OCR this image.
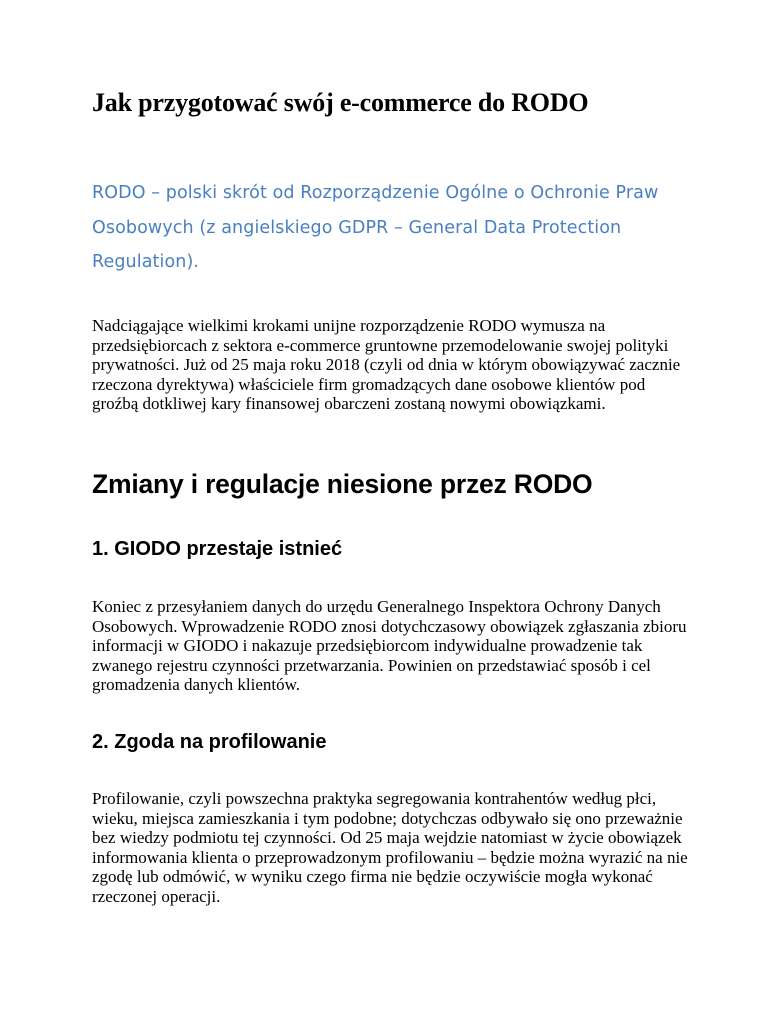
Jak przygotować swój e-commerce do RODO

RODO – polski skrót od Rozporządzenie Ogólne o Ochronie Praw Osobowych (z angielskiego GDPR – General Data Protection Regulation).

Nadciągające wielkimi krokami unijne rozporządzenie RODO wymusza na przedsiębiorcach z sektora e-commerce gruntowne przemodelowanie swojej polityki prywatności. Już od 25 maja roku 2018 (czyli od dnia w którym obowiązywać zacznie rzeczona dyrektywa) właściciele firm gromadzących dane osobowe klientów pod groźbą dotkliwej kary finansowej obarczeni zostaną nowymi obowiązkami.

Zmiany i regulacje niesione przez RODO
1. GIODO przestaje istnieć

Koniec z przesyłaniem danych do urzędu Generalnego Inspektora Ochrony Danych Osobowych. Wprowadzenie RODO znosi dotychczasowy obowiązek zgłaszania zbioru informacji w GIODO i nakazuje przedsiębiorcom indywidualne prowadzenie tak zwanego rejestru czynności przetwarzania. Powinien on przedstawiać sposób i cel gromadzenia danych klientów.

2. Zgoda na profilowanie

Profilowanie, czyli powszechna praktyka segregowania kontrahentów według płci, wieku, miejsca zamieszkania i tym podobne; dotychczas odbywało się ono przeważnie bez wiedzy podmiotu tej czynności. Od 25 maja wejdzie natomiast w życie obowiązek informowania klienta o przeprowadzonym profilowaniu – będzie można wyrazić na nie zgodę lub odmówić, w wyniku czego firma nie będzie oczywiście mogła wykonać rzeczonej operacji.
